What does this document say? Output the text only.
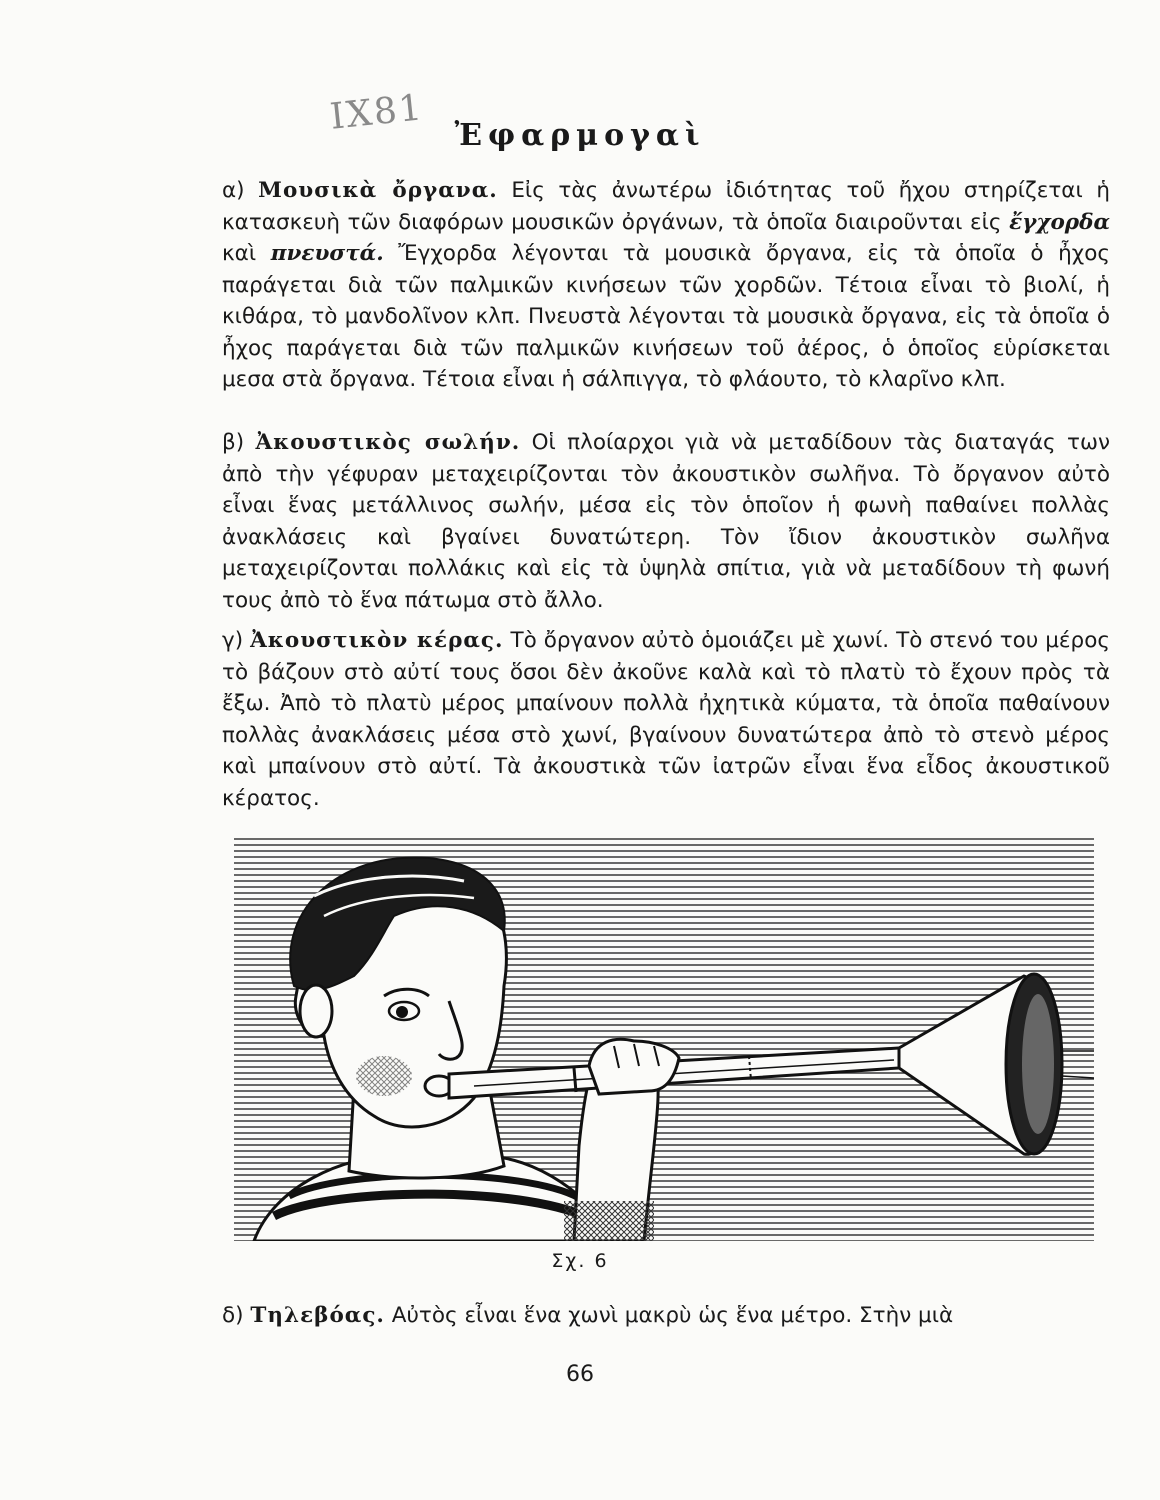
ΙΧ81 Ἐφαρμογαὶ

α) Μουσικὰ ὄργανα. Εἰς τὰς ἀνωτέρω ἰδιότητας τοῦ ἤχου στηρίζεται ἡ κατασκευὴ τῶν διαφόρων μουσικῶν ὀργάνων, τὰ ὁποῖα διαιροῦνται εἰς ἔγχορδα καὶ πνευστά. Ἔγχορδα λέγονται τὰ μουσικὰ ὄργανα, εἰς τὰ ὁποῖα ὁ ἦχος παράγεται διὰ τῶν παλμικῶν κινήσεων τῶν χορδῶν. Τέτοια εἶναι τὸ βιολί, ἡ κιθάρα, τὸ μανδολῖνον κλπ. Πνευστὰ λέγονται τὰ μουσικὰ ὄργανα, εἰς τὰ ὁποῖα ὁ ἦχος παράγεται διὰ τῶν παλμικῶν κινήσεων τοῦ ἀέρος, ὁ ὁποῖος εὑρίσκεται μεσα στὰ ὄργανα. Τέτοια εἶναι ἡ σάλπιγγα, τὸ φλάουτο, τὸ κλαρῖνο κλπ.

β) Ἀκουστικὸς σωλήν. Οἱ πλοίαρχοι γιὰ νὰ μεταδίδουν τὰς διαταγάς των ἀπὸ τὴν γέφυραν μεταχειρίζονται τὸν ἀκουστικὸν σωλῆνα. Τὸ ὄργανον αὐτὸ εἶναι ἕνας μετάλλινος σωλήν, μέσα εἰς τὸν ὁποῖον ἡ φωνὴ παθαίνει πολλὰς ἀνακλάσεις καὶ βγαίνει δυνατώτερη. Τὸν ἴδιον ἀκουστικὸν σωλῆνα μεταχειρίζονται πολλάκις καὶ εἰς τὰ ὑψηλὰ σπίτια, γιὰ νὰ μεταδίδουν τὴ φωνή τους ἀπὸ τὸ ἕνα πάτωμα στὸ ἄλλο.

γ) Ἀκουστικὸν κέρας. Τὸ ὄργανον αὐτὸ ὁμοιάζει μὲ χωνί. Τὸ στενό του μέρος τὸ βάζουν στὸ αὐτί τους ὅσοι δὲν ἀκοῦνε καλὰ καὶ τὸ πλατὺ τὸ ἔχουν πρὸς τὰ ἔξω. Ἀπὸ τὸ πλατὺ μέρος μπαίνουν πολλὰ ἠχητικὰ κύματα, τὰ ὁποῖα παθαίνουν πολλὰς ἀνακλάσεις μέσα στὸ χωνί, βγαίνουν δυνατώτερα ἀπὸ τὸ στενὸ μέρος καὶ μπαίνουν στὸ αὐτί. Τὰ ἀκουστικὰ τῶν ἰατρῶν εἶναι ἕνα εἶδος ἀκουστικοῦ κέρατος.

Σχ. 6

δ) Τηλεβόας. Αὐτὸς εἶναι ἕνα χωνὶ μακρὺ ὡς ἕνα μέτρο. Στὴν μιὰ

66
